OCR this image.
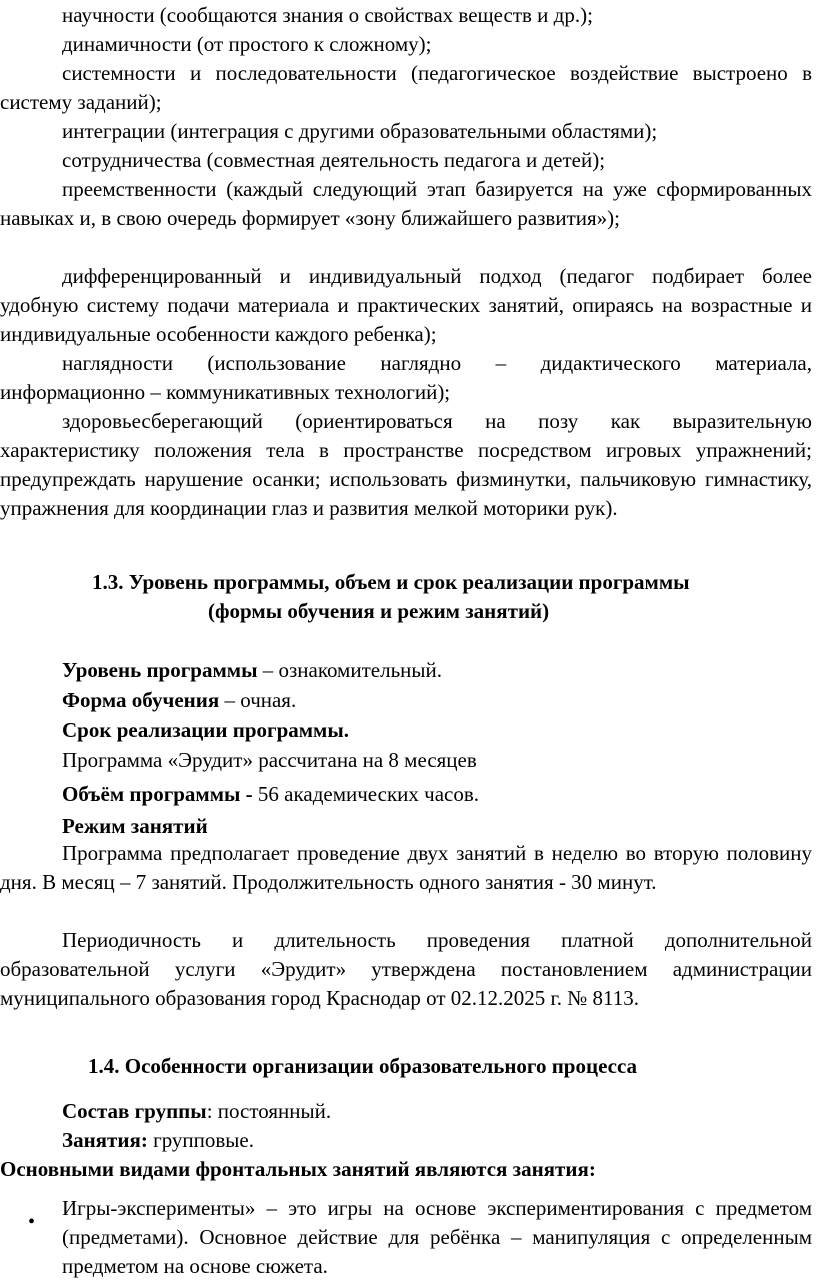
научности (сообщаются знания о свойствах веществ и др.);

динамичности (от простого к сложному);

системности и последовательности (педагогическое воздействие выстроено в систему заданий);

интеграции (интеграция с другими образовательными областями);

сотрудничества (совместная деятельность педагога и детей);

преемственности (каждый следующий этап базируется на уже сформированных навыках и, в свою очередь формирует «зону ближайшего развития»);

дифференцированный и индивидуальный подход (педагог подбирает более удобную систему подачи материала и практических занятий, опираясь на возрастные и индивидуальные особенности каждого ребенка);

наглядности (использование наглядно – дидактического материала, информационно – коммуникативных технологий);

здоровьесберегающий (ориентироваться на позу как выразительную характеристику положения тела в пространстве посредством игровых упражнений; предупреждать нарушение осанки; использовать физминутки, пальчиковую гимнастику, упражнения для координации глаз и развития мелкой моторики рук).

1.3. Уровень программы, объем и срок реализации программы
(формы обучения и режим занятий)
Уровень программы – ознакомительный.
Форма обучения – очная.
Срок реализации программы.
Программа «Эрудит» рассчитана на 8 месяцев
Объём программы - 56 академических часов.
Режим занятий

Программа предполагает проведение двух занятий в неделю во вторую половину дня. В месяц – 7 занятий. Продолжительность одного занятия - 30 минут.

Периодичность и длительность проведения платной дополнительной образовательной услуги «Эрудит» утверждена постановлением администрации муниципального образования город Краснодар от 02.12.2025 г. № 8113.

1.4. Особенности организации образовательного процесса
Состав группы: постоянный.
Занятия: групповые.
Основными видами фронтальных занятий являются занятия:
•

Игры-эксперименты» – это игры на основе экспериментирования с предметом (предметами). Основное действие для ребёнка – манипуляция с определенным предметом на основе сюжета.
